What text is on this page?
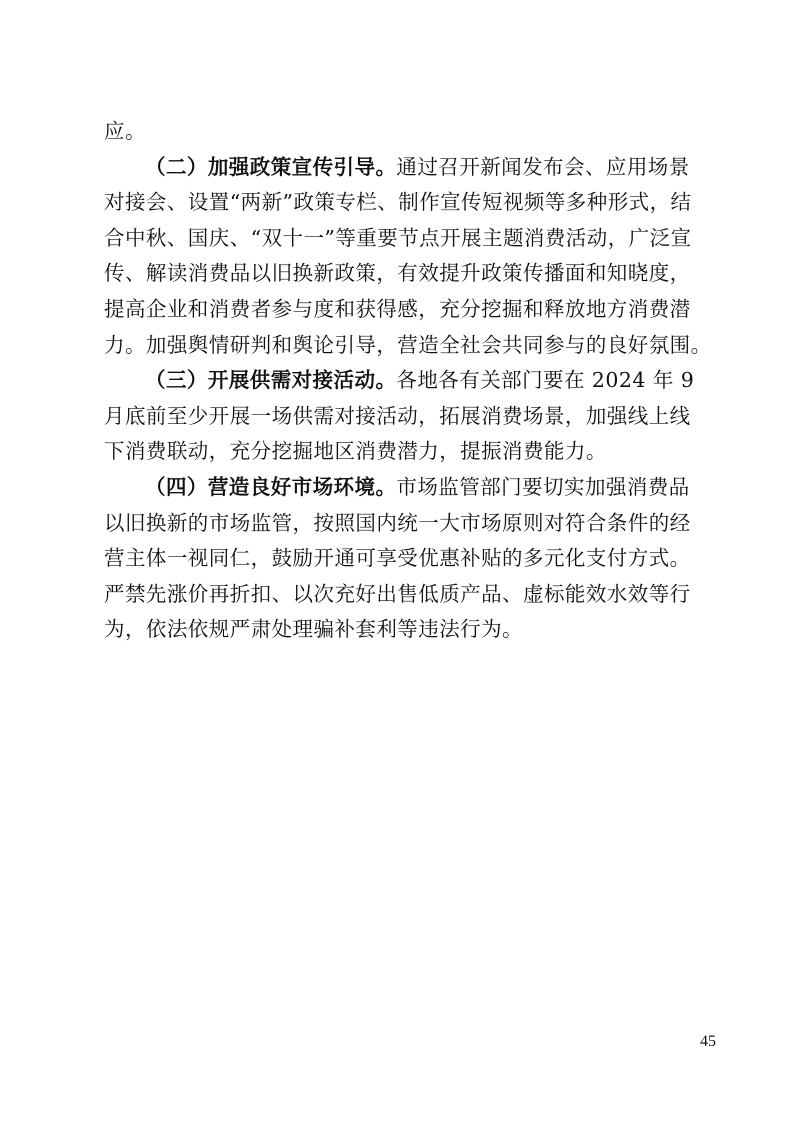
应。
（二）加强政策宣传引导。通过召开新闻发布会、应用场景
对接会、设置“两新”政策专栏、制作宣传短视频等多种形式，结
合中秋、国庆、“双十一”等重要节点开展主题消费活动，广泛宣
传、解读消费品以旧换新政策，有效提升政策传播面和知晓度，
提高企业和消费者参与度和获得感，充分挖掘和释放地方消费潜
力。加强舆情研判和舆论引导，营造全社会共同参与的良好氛围。
（三）开展供需对接活动。各地各有关部门要在 2024 年 9
月底前至少开展一场供需对接活动，拓展消费场景，加强线上线
下消费联动，充分挖掘地区消费潜力，提振消费能力。
（四）营造良好市场环境。市场监管部门要切实加强消费品
以旧换新的市场监管，按照国内统一大市场原则对符合条件的经
营主体一视同仁，鼓励开通可享受优惠补贴的多元化支付方式。
严禁先涨价再折扣、以次充好出售低质产品、虚标能效水效等行
为，依法依规严肃处理骗补套利等违法行为。
45
